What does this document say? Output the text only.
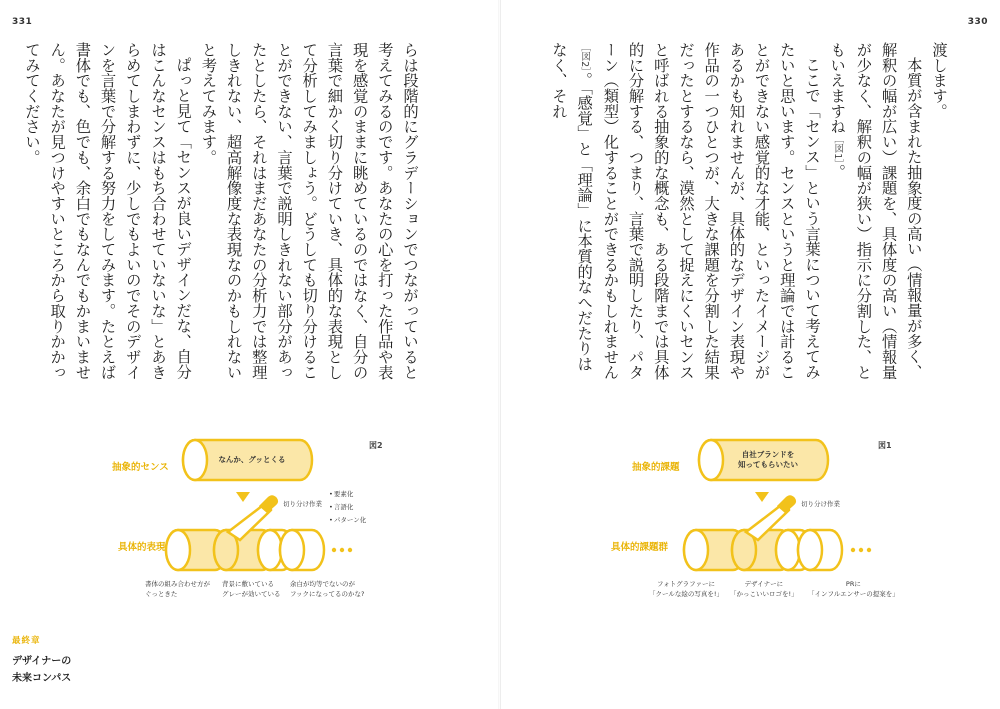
331

らは段階的にグラデーションでつながっていると考えてみるのです。あなたの心を打った作品や表現を感覚のままに眺めているのではなく、自分の言葉で細かく切り分けていき、具体的な表現として分析してみましょう。どうしても切り分けることができない、言葉で説明しきれない部分があったとしたら、それはまだあなたの分析力では整理しきれない、超高解像度な表現なのかもしれないと考えてみます。

ぱっと見て「センスが良いデザインだな、自分はこんなセンスはもち合わせていないな」とあきらめてしまわずに、少しでもよいのでそのデザインを言葉で分解する努力をしてみます。たとえば書体でも、色でも、余白でもなんでもかまいません。あなたが見つけやすいところから取りかかってみてください。

図2
抽象的センス
具体的表現
なんか、グッとくる
切り分け作業
• 要素化
• 言語化
• パターン化
書体の組み合わせ方が
ぐっときた
背景に敷いている
グレーが効いている
余白が均等でないのが
フックになってるのかな?
最終章
デザイナーの
未来コンパス
330

渡します。

本質が含まれた抽象度の高い（情報量が多く、解釈の幅が広い）課題を、具体度の高い（情報量が少なく、解釈の幅が狭い）指示に分割した、ともいえますね［図1］。

ここで「センス」という言葉について考えてみたいと思います。センスというと理論では計ることができない感覚的な才能、といったイメージがあるかも知れませんが、具体的なデザイン表現や作品の一つひとつが、大きな課題を分割した結果だったとするなら、漠然として捉えにくいセンスと呼ばれる抽象的な概念も、ある段階までは具体的に分解する、つまり、言葉で説明したり、パターン（類型）化することができるかもしれません［図2］。「感覚」と「理論」に本質的なへだたりはなく、それ

図1
抽象的課題
具体的課題群
自社ブランドを
知ってもらいたい
切り分け作業
フォトグラファーに
「クールな絵の写真を!」
デザイナーに
「かっこいいロゴを!」
PRに
「インフルエンサーの提案を」
